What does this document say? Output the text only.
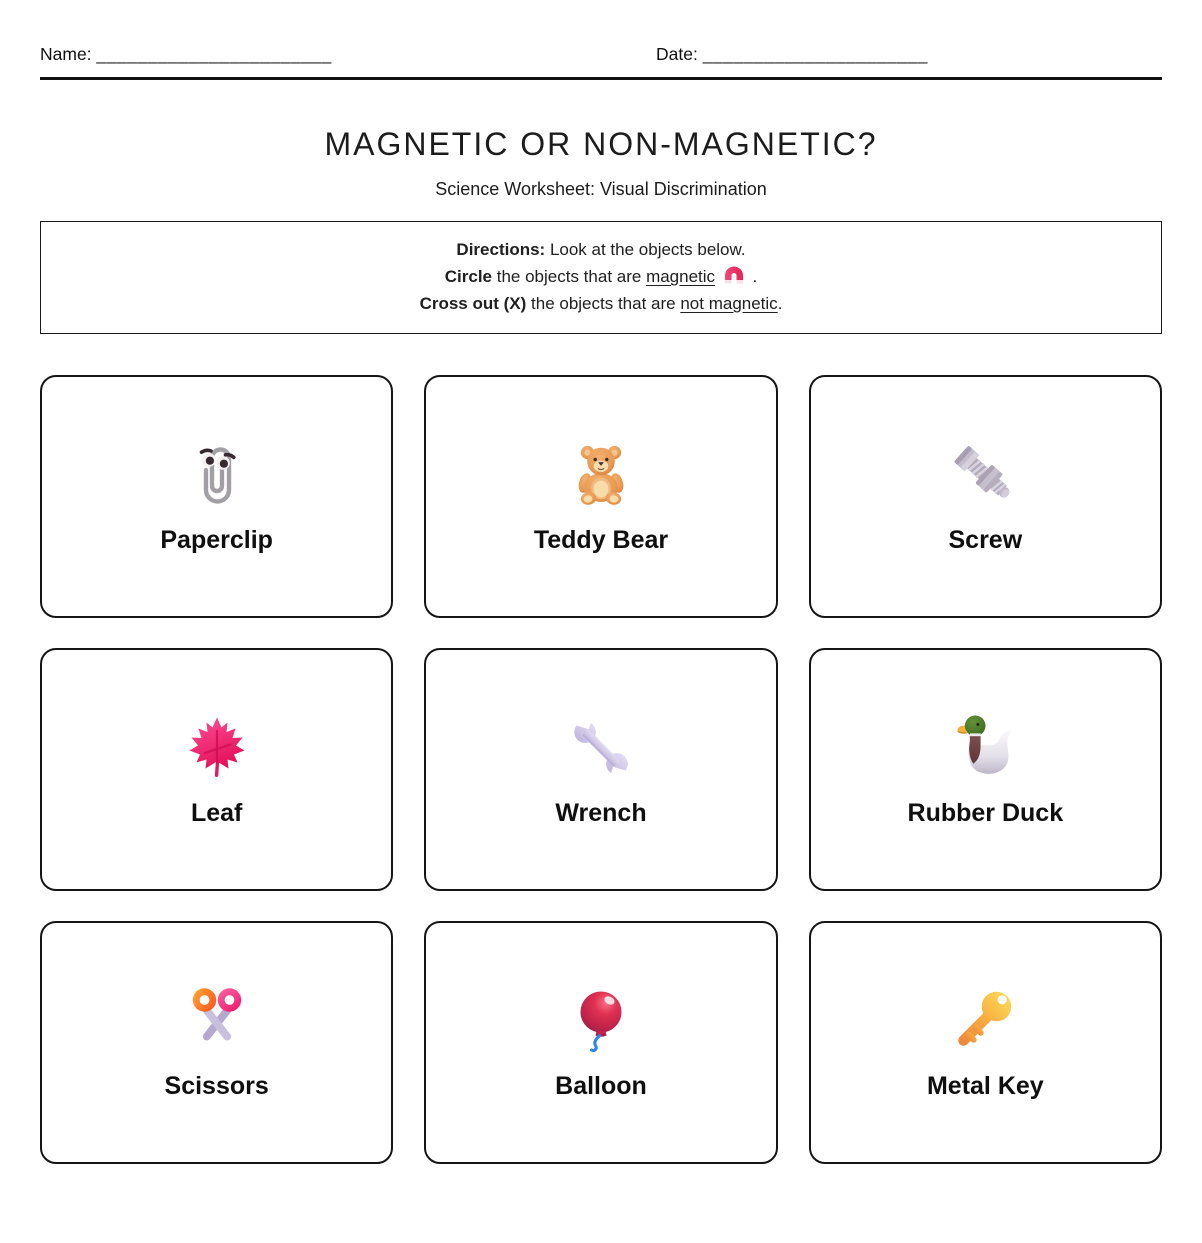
Name: _______________________	Date: ______________________
MAGNETIC OR NON-MAGNETIC?
Science Worksheet: Visual Discrimination
Directions: Look at the objects below.
Circle the objects that are magnetic  .
Cross out (X) the objects that are not magnetic.
Paperclip	Teddy Bear	Screw
Leaf	Wrench	Rubber Duck
Scissors	Balloon	Metal Key
